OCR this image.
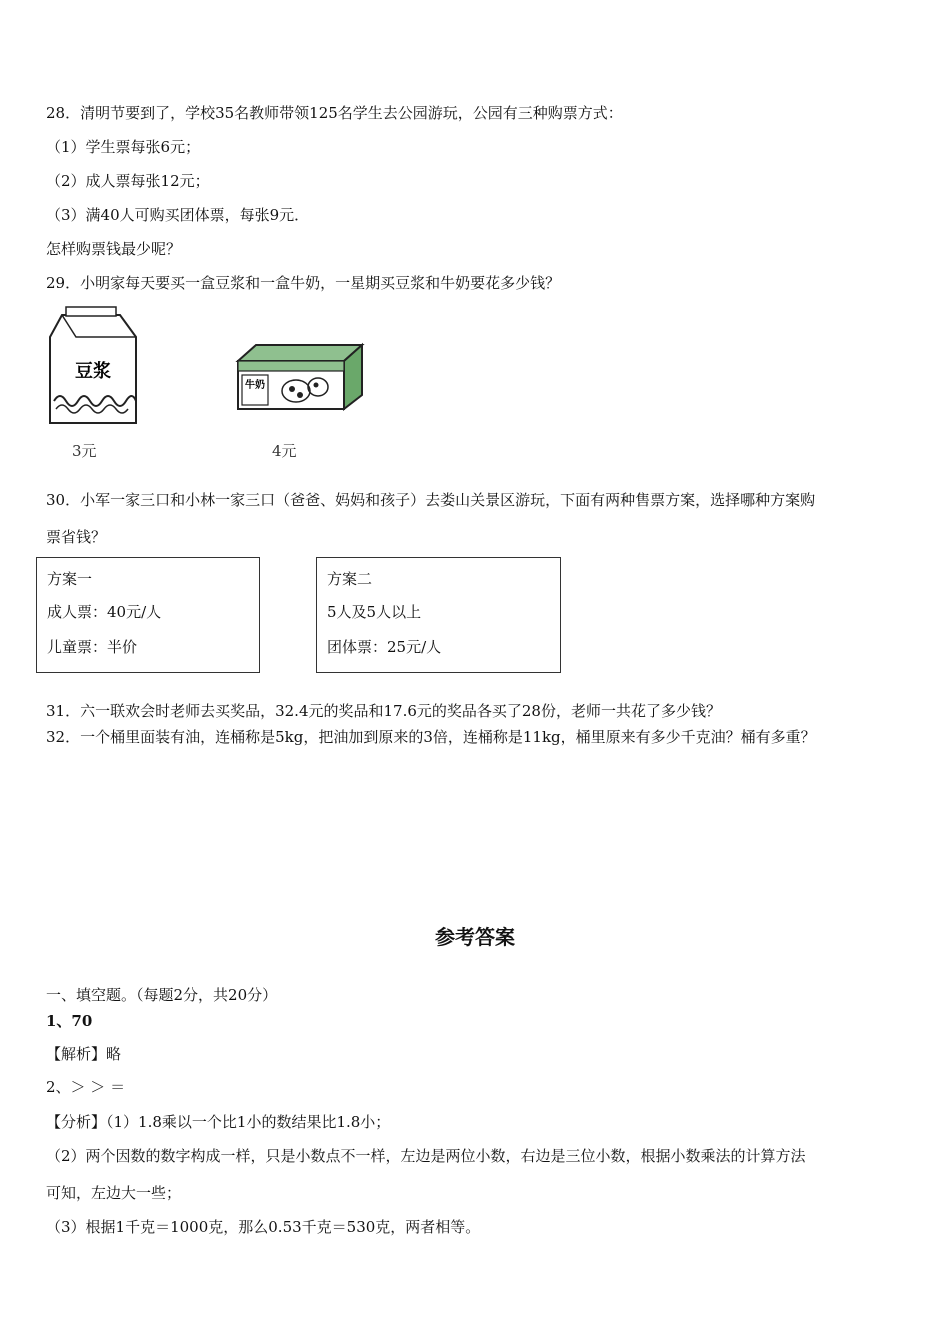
28．清明节要到了，学校35名教师带领125名学生去公园游玩，公园有三种购票方式：
（1）学生票每张6元；
（2）成人票每张12元；
（3）满40人可购买团体票，每张9元．
怎样购票钱最少呢？
29．小明家每天要买一盒豆浆和一盒牛奶，一星期买豆浆和牛奶要花多少钱？
豆浆
3元
牛奶
4元
30．小军一家三口和小林一家三口（爸爸、妈妈和孩子）去娄山关景区游玩，下面有两种售票方案，选择哪种方案购
票省钱？
方案一
成人票：40元/人
儿童票：半价
方案二
5人及5人以上
团体票：25元/人
31．六一联欢会时老师去买奖品，32.4元的奖品和17.6元的奖品各买了28份，老师一共花了多少钱？
32．一个桶里面装有油，连桶称是5kg，把油加到原来的3倍，连桶称是11kg，桶里原来有多少千克油？桶有多重？
参考答案
一、填空题。（每题2分，共20分）
1、70
【解析】略
2、＞ ＞ ＝
【分析】（1）1.8乘以一个比1小的数结果比1.8小；
（2）两个因数的数字构成一样，只是小数点不一样，左边是两位小数，右边是三位小数，根据小数乘法的计算方法
可知，左边大一些；
（3）根据1千克＝1000克，那么0.53千克＝530克，两者相等。
